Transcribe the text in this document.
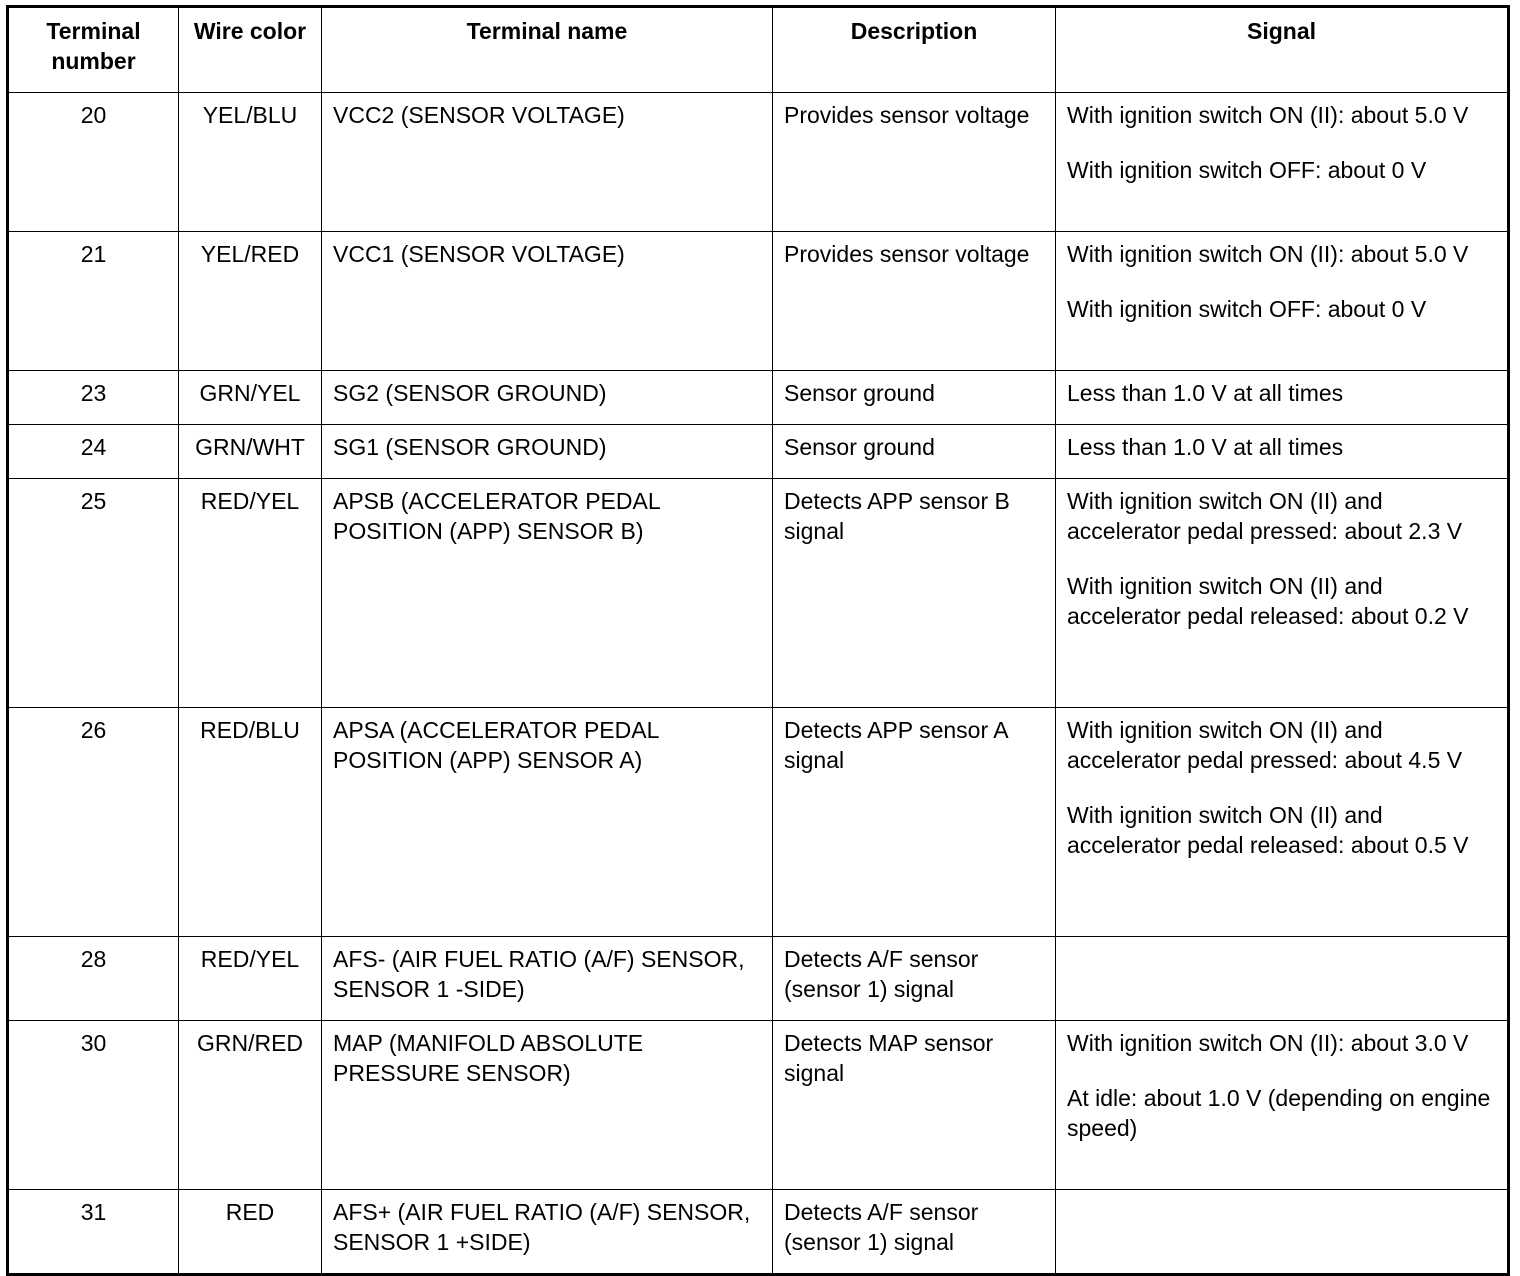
Terminal number	Wire color	Terminal name	Description	Signal
20	YEL/BLU	VCC2 (SENSOR VOLTAGE)	Provides sensor voltage	With ignition switch ON (II): about 5.0 V
With ignition switch OFF: about 0 V

21	YEL/RED	VCC1 (SENSOR VOLTAGE)	Provides sensor voltage	With ignition switch ON (II): about 5.0 V
With ignition switch OFF: about 0 V

23	GRN/YEL	SG2 (SENSOR GROUND)	Sensor ground	Less than 1.0 V at all times

24	GRN/WHT	SG1 (SENSOR GROUND)	Sensor ground	Less than 1.0 V at all times

25	RED/YEL	APSB (ACCELERATOR PEDAL POSITION (APP) SENSOR B)	Detects APP sensor B signal	With ignition switch ON (II) and accelerator pedal pressed: about 2.3 V
With ignition switch ON (II) and accelerator pedal released: about 0.2 V

26	RED/BLU	APSA (ACCELERATOR PEDAL POSITION (APP) SENSOR A)	Detects APP sensor A signal	With ignition switch ON (II) and accelerator pedal pressed: about 4.5 V
With ignition switch ON (II) and accelerator pedal released: about 0.5 V

28	RED/YEL	AFS- (AIR FUEL RATIO (A/F) SENSOR, SENSOR 1 -SIDE)	Detects A/F sensor (sensor 1) signal	
30	GRN/RED	MAP (MANIFOLD ABSOLUTE PRESSURE SENSOR)	Detects MAP sensor signal	With ignition switch ON (II): about 3.0 V
At idle: about 1.0 V (depending on engine speed)

31	RED	AFS+ (AIR FUEL RATIO (A/F) SENSOR, SENSOR 1 +SIDE)	Detects A/F sensor (sensor 1) signal	
